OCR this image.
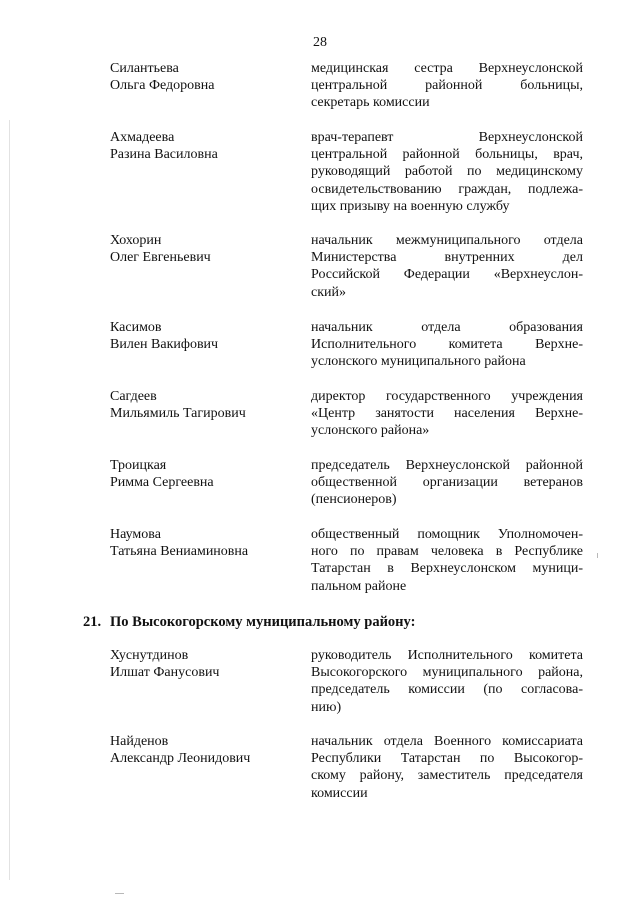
28
Силантьева
Ольга Федоровна
медицинская сестра Верхнеуслонской
центральной районной больницы,
секретарь комиссии
Ахмадеева
Разина Василовна
врач-терапевт Верхнеуслонской
центральной районной больницы, врач,
руководящий работой по медицинскому
освидетельствованию граждан, подлежа-
щих призыву на военную службу
Хохорин
Олег Евгеньевич
начальник межмуниципального отдела
Министерства внутренних дел
Российской Федерации «Верхнеуслон-
ский»
Касимов
Вилен Вакифович
начальник отдела образования
Исполнительного комитета Верхне-
услонского муниципального района
Сагдеев
Мильямиль Тагирович
директор государственного учреждения
«Центр занятости населения Верхне-
услонского района»
Троицкая
Римма Сергеевна
председатель Верхнеуслонской районной
общественной организации ветеранов
(пенсионеров)
Наумова
Татьяна Вениаминовна
общественный помощник Уполномочен-
ного по правам человека в Республике
Татарстан в Верхнеуслонском муници-
пальном районе
21. По Высокогорскому муниципальному району:
Хуснутдинов
Илшат Фанусович
руководитель Исполнительного комитета
Высокогорского муниципального района,
председатель комиссии (по согласова-
нию)
Найденов
Александр Леонидович
начальник отдела Военного комиссариата
Республики Татарстан по Высокогор-
скому району, заместитель председателя
комиссии
